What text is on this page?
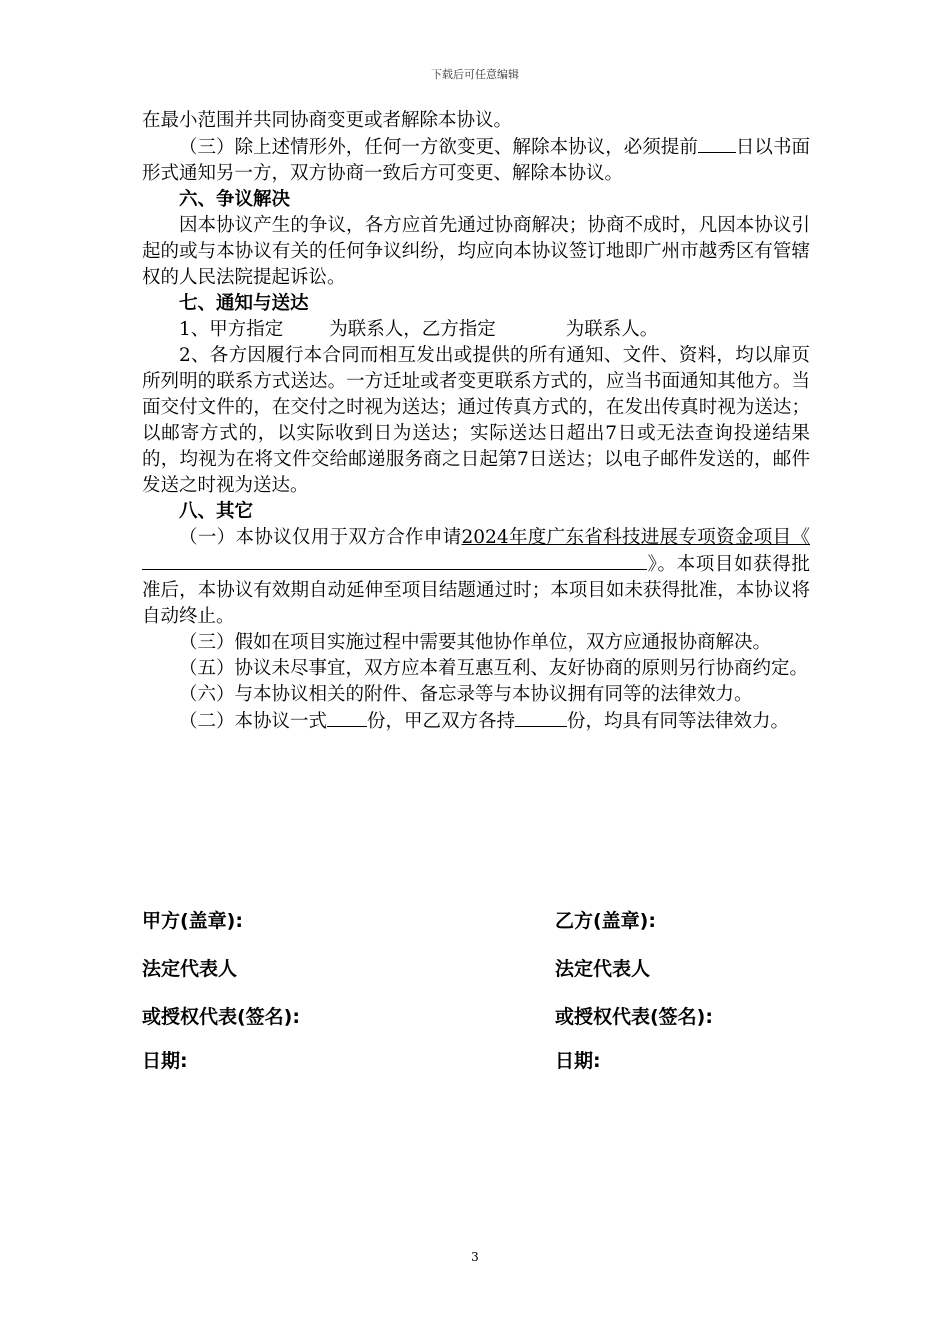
下载后可任意编辑

在最小范围并共同协商变更或者解除本协议。

（三）除上述情形外，任何一方欲变更、解除本协议，必须提前 日以书面形式通知另一方，双方协商一致后方可变更、解除本协议。

六、争议解决

因本协议产生的争议，各方应首先通过协商解决；协商不成时，凡因本协议引起的或与本协议有关的任何争议纠纷，均应向本协议签订地即广州市越秀区有管辖权的人民法院提起诉讼。

七、通知与送达

1、甲方指定 为联系人，乙方指定	为联系人。

2、各方因履行本合同而相互发出或提供的所有通知、文件、资料，均以扉页所列明的联系方式送达。一方迁址或者变更联系方式的，应当书面通知其他方。当面交付文件的，在交付之时视为送达；通过传真方式的，在发出传真时视为送达；以邮寄方式的，以实际收到日为送达；实际送达日超出7日或无法查询投递结果的，均视为在将文件交给邮递服务商之日起第7日送达；以电子邮件发送的，邮件发送之时视为送达。

八、其它

（一）本协议仅用于双方合作申请2024年度广东省科技进展专项资金项目《》。本项目如获得批准后，本协议有效期自动延伸至项目结题通过时；本项目如未获得批准，本协议将自动终止。

（三）假如在项目实施过程中需要其他协作单位，双方应通报协商解决。

（五）协议未尽事宜，双方应本着互惠互利、友好协商的原则另行协商约定。

（六）与本协议相关的附件、备忘录等与本协议拥有同等的法律效力。

（二）本协议一式 份，甲乙双方各持	份，均具有同等法律效力。

甲方(盖章):	乙方(盖章):
法定代表人	法定代表人
或授权代表(签名):	或授权代表(签名):
日期:	日期:
3
